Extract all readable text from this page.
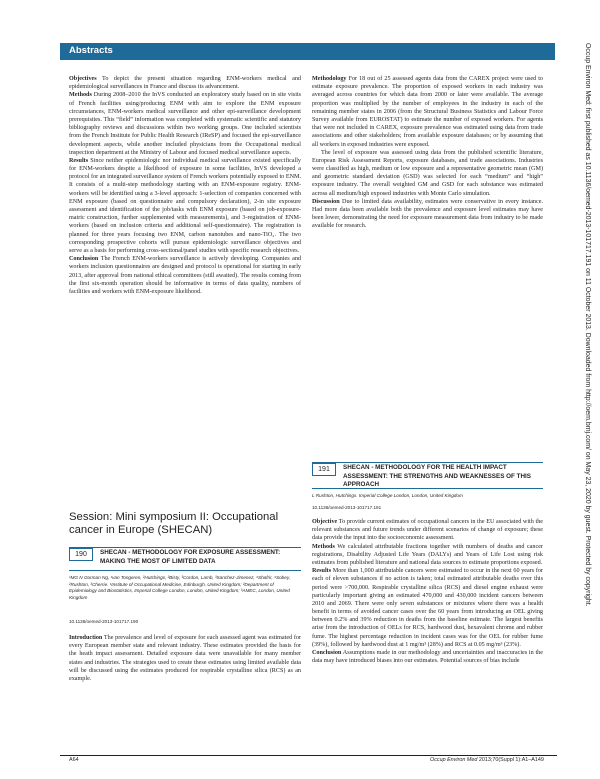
Abstracts

Objectives To depict the present situation regarding ENM-workers medical and epidemiological surveillances in France and discuss its advancement.

Methods During 2008–2010 the InVS conducted an exploratory study based on in site visits of French facilities using/producing ENM with aim to explore the ENM exposure circumstances, ENM-workers medical surveillance and other epi-surveillance development prerequisites. This “field” information was completed with systematic scientific and statutory bibliography reviews and discussions within two working groups. One included scientists from the French Institute for Public Health Research (IReSP) and focused the epi-surveillance development aspects, while another included physicians from the Occupational medical inspection department at the Ministry of Labour and focused medical surveillance aspects.

Results Since neither epidemiologic nor individual medical surveillance existed specifically for ENM-workers despite a likelihood of exposure in some facilities, InVS developed a protocol for an integrated surveillance system of French workers potentially exposed to ENM. It consists of a multi-step methodology starting with an ENM-exposure registry. ENM-workers will be identified using a 3-level approach: 1-selection of companies concerned with ENM exposure (based on questionnaire and compulsory declaration), 2-in site exposure assessment and identification of the job/tasks with ENM exposure (based on job-exposure-matric construction, further supplemented with measurements), and 3-registration of ENM-workers (based on inclusion criteria and additional self-questionnaire). The registration is planned for three years focusing two ENM, carbon nanotubes and nano-TiO₂. The two corresponding prospective cohorts will pursue epidemiologic surveillance objectives and serve as a basis for performing cross-sectional/panel studies with specific research objectives.

Conclusion The French ENM-workers surveillance is actively developing. Companies and workers inclusion questionnaires are designed and protocol is operational for starting in early 2013, after approval from national ethical committees (still awaited). The results coming from the first six-month operation should be informative in terms of data quality, numbers of facilities and workers with ENM-exposure likelihood.

Session: Mini symposium II: Occupational cancer in Europe (SHECAN)
190	SHECAN - METHODOLOGY FOR EXPOSURE ASSESSMENT: MAKING THE MOST OF LIMITED DATA
¹MG N Gorman Ng, ¹van Tongeren, ²Hutchings, ²Bisty, ³Cordon, Lamb, ³Sanchez-Jimenez, ⁴Shafrir, ⁴Sobey, ²Rushton, ³Cherrie. ¹Institute of Occupational Medicine, Edinburgh, United Kingdom; ²Department of Epidemiology and Biostatistics, Imperial College London, London, United Kingdom; ³AMEC, London, United Kingdom
10.1136/oemed-2013-101717.190

Introduction The prevalence and level of exposure for each assessed agent was estimated for every European member state and relevant industry. These estimates provided the basis for the heath impact assessment. Detailed exposure data were unavailable for many member states and industries. The strategies used to create these estimates using limited available data will be discussed using the estimates produced for respirable crystalline silica (RCS) as an example.

Methodology For 18 out of 25 assessed agents data from the CAREX project were used to estimate exposure prevalence. The proportion of exposed workers in each industry was averaged across countries for which data from 2000 or later were available. The average proportion was multiplied by the number of employees in the industry in each of the remaining member states in 2006 (from the Structural Business Statistics and Labour Force Survey available from EUROSTAT) to estimate the number of exposed workers. For agents that were not included in CAREX, exposure prevalence was estimated using data from trade associations and other stakeholders; from available exposure databases; or by assuming that all workers in exposed industries were exposed.

The level of exposure was assessed using data from the published scientific literature, European Risk Assessment Reports, exposure databases, and trade associations. Industries were classified as high, medium or low exposure and a representative geometric mean (GM) and geometric standard deviation (GSD) was selected for each “medium” and “high” exposure industry. The overall weighted GM and GSD for each substance was estimated across all medium/high exposed industries with Monte Carlo simulation.

Discussion Due to limited data availability, estimates were conservative in every instance. Had more data been available both the prevalence and exposure level estimates may have been lower, demonstrating the need for exposure measurement data from industry to be made available for research.

191	SHECAN - METHODOLOGY FOR THE HEALTH IMPACT ASSESSMENT: THE STRENGTHS AND WEAKNESSES OF THIS APPROACH
L Rushton, Hutchings. Imperial College London, London, United Kingdom
10.1136/oemed-2013-101717.191

Objective To provide current estimates of occupational cancers in the EU associated with the relevant substances and future trends under different scenarios of change of exposure; these data provide the input into the socioeconomic assessment.

Methods We calculated attributable fractions together with numbers of deaths and cancer registrations, Disability Adjusted Life Years (DALYs) and Years of Life Lost using risk estimates from published literature and national data sources to estimate proportions exposed.

Results More than 1,000 attributable cancers were estimated to occur in the next 60 years for each of eleven substances if no action is taken; total estimated attributable deaths over this period were >700,000. Respirable crystalline silica (RCS) and diesel engine exhaust were particularly important giving an estimated 470,000 and 430,000 incident cancers between 2010 and 2069. There were only seven substances or mixtures where there was a health benefit in terms of avoided cancer cases over the 60 years from introducing an OEL giving between 0.2% and 39% reduction in deaths from the baseline estimate. The largest benefits arise from the introduction of OELs for RCS, hardwood dust, hexavalent chrome and rubber fume. The highest percentage reduction in incident cases was for the OEL for rubber fume (39%), followed by hardwood dust at 1 mg/m³ (28%) and RCS at 0.05 mg/m³ (23%).

Conclusion Assumptions made in our methodology and uncertainties and inaccuracies in the data may have introduced biases into our estimates. Potential sources of bias include

A64	Occup Environ Med 2013;70(Suppl 1):A1–A149
Occup Environ Med: first published as 10.1136/oemed-2013-101717.191 on 11 October 2013. Downloaded from http://oem.bmj.com/ on May 23, 2020 by guest. Protected by copyright.
